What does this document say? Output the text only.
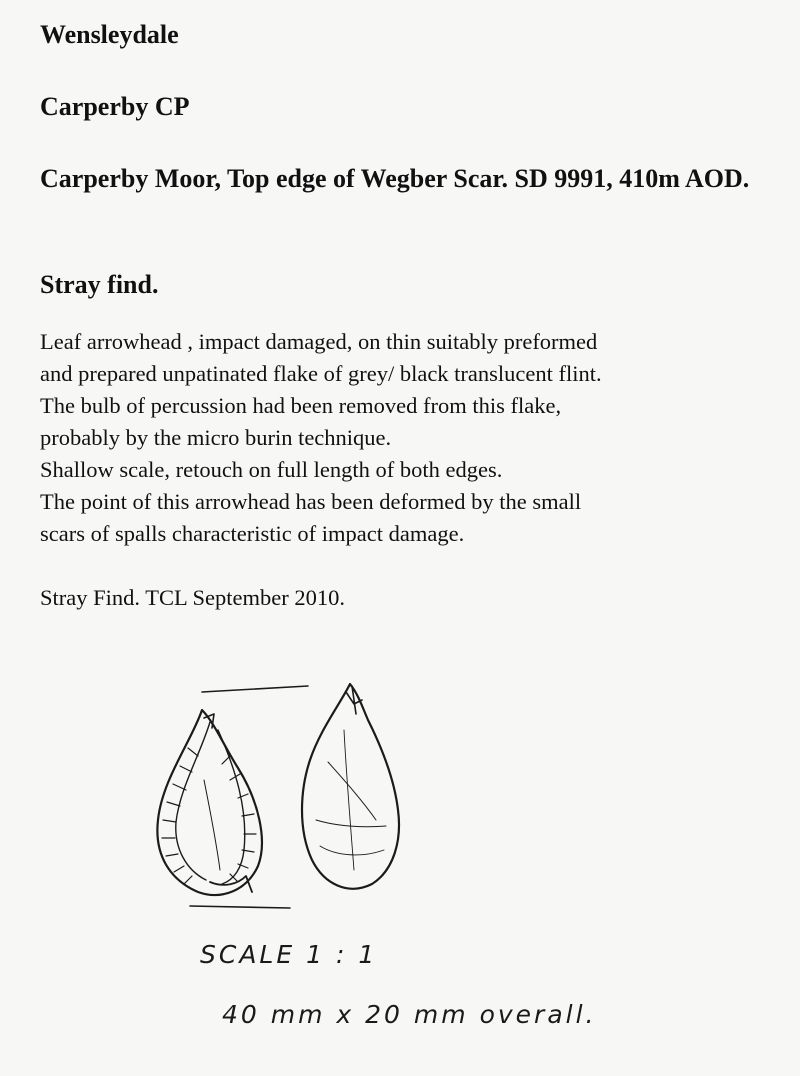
Wensleydale
Carperby CP
Carperby Moor, Top edge of Wegber Scar. SD 9991, 410m AOD.
Stray find.
Leaf arrowhead , impact damaged, on thin suitably preformed
and prepared unpatinated flake of grey/ black translucent flint.
The bulb of percussion had been removed from this flake,
probably by the micro burin technique.
Shallow scale, retouch on full length of both edges.
The point of this arrowhead has been deformed by the small
scars of spalls characteristic of impact damage.

Stray Find. TCL September 2010.

SCALE 1 : 1
40 mm x 20 mm overall.
